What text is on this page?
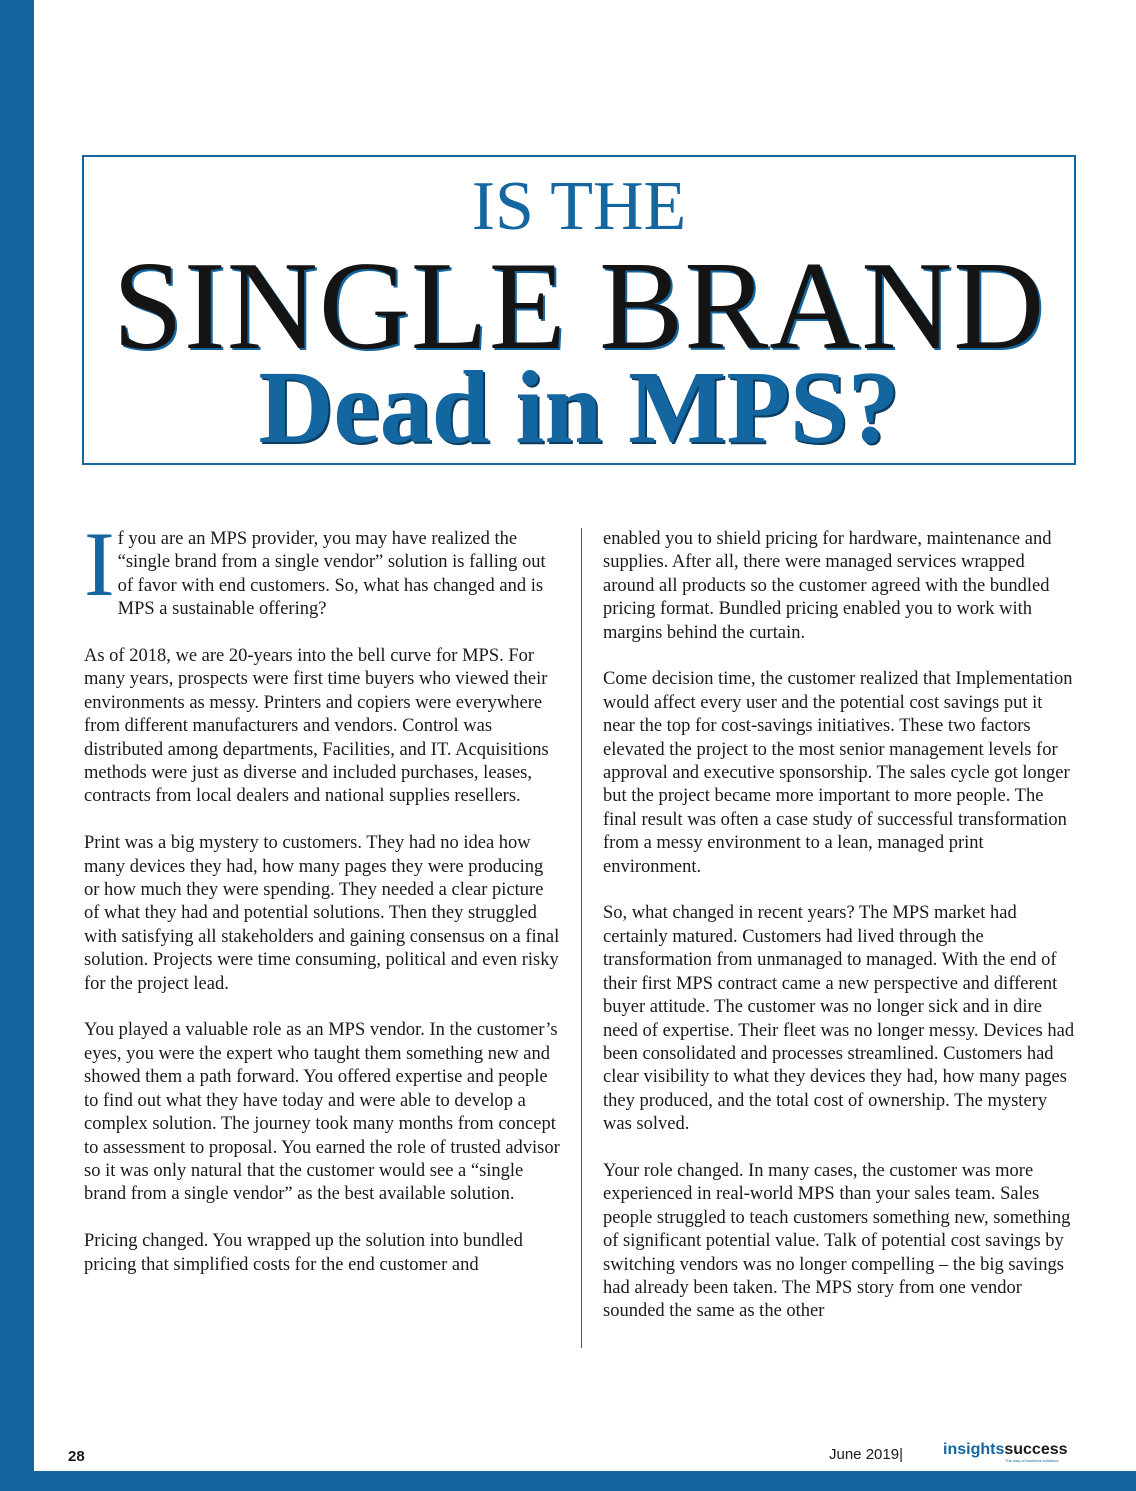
IS THE
SINGLE BRAND
Dead in MPS?

If you are an MPS provider, you may have realized the “single brand from a single vendor” solution is falling out of favor with end customers. So, what has changed and is MPS a sustainable offering?

As of 2018, we are 20-years into the bell curve for MPS. For many years, prospects were first time buyers who viewed their environments as messy. Printers and copiers were everywhere from different manufacturers and vendors. Control was distributed among departments, Facilities, and IT. Acquisitions methods were just as diverse and included purchases, leases, contracts from local dealers and national supplies resellers.

Print was a big mystery to customers. They had no idea how many devices they had, how many pages they were producing or how much they were spending. They needed a clear picture of what they had and potential solutions. Then they struggled with satisfying all stakeholders and gaining consensus on a final solution. Projects were time consuming, political and even risky for the project lead.

You played a valuable role as an MPS vendor. In the customer’s eyes, you were the expert who taught them something new and showed them a path forward. You offered expertise and people to find out what they have today and were able to develop a complex solution. The journey took many months from concept to assessment to proposal. You earned the role of trusted advisor so it was only natural that the customer would see a “single brand from a single vendor” as the best available solution.

Pricing changed. You wrapped up the solution into bundled pricing that simplified costs for the end customer and

enabled you to shield pricing for hardware, maintenance and supplies. After all, there were managed services wrapped around all products so the customer agreed with the bundled pricing format. Bundled pricing enabled you to work with margins behind the curtain.

Come decision time, the customer realized that Implementation would affect every user and the potential cost savings put it near the top for cost-savings initiatives. These two factors elevated the project to the most senior management levels for approval and executive sponsorship. The sales cycle got longer but the project became more important to more people. The final result was often a case study of successful transformation from a messy environment to a lean, managed print environment.

So, what changed in recent years? The MPS market had certainly matured. Customers had lived through the transformation from unmanaged to managed. With the end of their first MPS contract came a new perspective and different buyer attitude. The customer was no longer sick and in dire need of expertise. Their fleet was no longer messy. Devices had been consolidated and processes streamlined. Customers had clear visibility to what they devices they had, how many pages they produced, and the total cost of ownership. The mystery was solved.

Your role changed. In many cases, the customer was more experienced in real-world MPS than your sales team. Sales people struggled to teach customers something new, something of significant potential value. Talk of potential cost savings by switching vendors was no longer compelling – the big savings had already been taken. The MPS story from one vendor sounded the same as the other

28	June 2019|	insightssuccess
The way of business solutions
